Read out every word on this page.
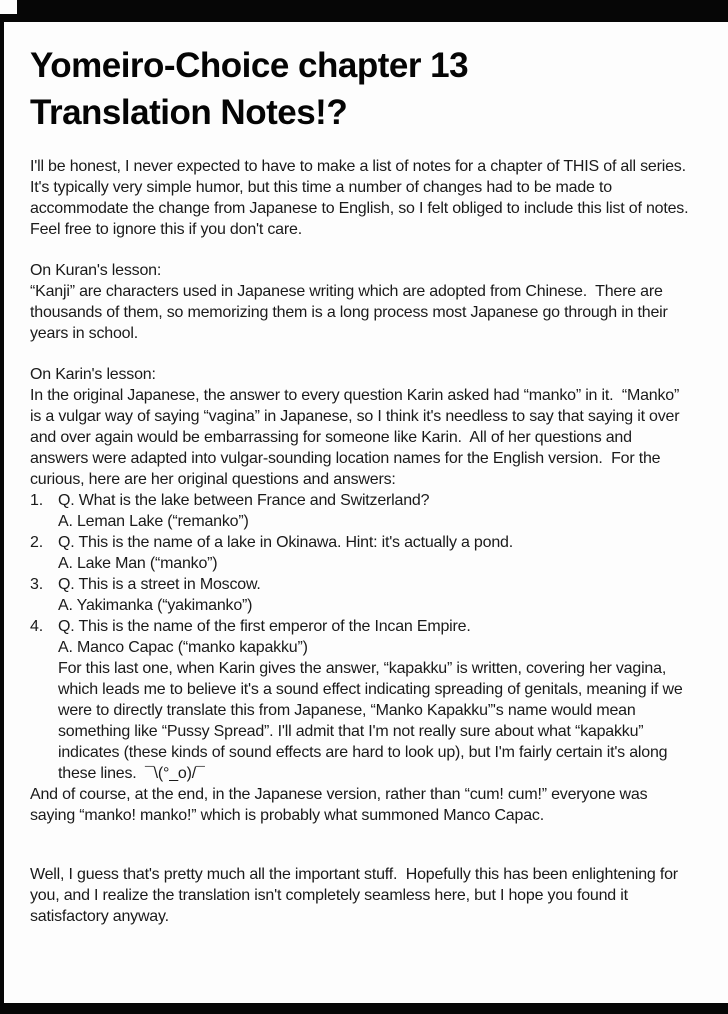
Yomeiro-Choice chapter 13
Translation Notes!?

I'll be honest, I never expected to have to make a list of notes for a chapter of THIS of all series.  It's typically very simple humor, but this time a number of changes had to be made to accommodate the change from Japanese to English, so I felt obliged to include this list of notes.  Feel free to ignore this if you don't care.

On Kuran's lesson:

“Kanji” are characters used in Japanese writing which are adopted from Chinese.  There are thousands of them, so memorizing them is a long process most Japanese go through in their years in school.

On Karin's lesson:

In the original Japanese, the answer to every question Karin asked had “manko” in it.  “Manko” is a vulgar way of saying “vagina” in Japanese, so I think it's needless to say that saying it over and over again would be embarrassing for someone like Karin.  All of her questions and answers were adapted into vulgar-sounding location names for the English version.  For the curious, here are her original questions and answers:

1. Q. What is the lake between France and Switzerland?
A. Leman Lake (“remanko”)
2. Q. This is the name of a lake in Okinawa. Hint: it's actually a pond.
A. Lake Man (“manko”)
3. Q. This is a street in Moscow.
A. Yakimanka (“yakimanko”)
4. Q. This is the name of the first emperor of the Incan Empire.
A. Manco Capac (“manko kapakku”)
For this last one, when Karin gives the answer, “kapakku” is written, covering her vagina, which leads me to believe it's a sound effect indicating spreading of genitals, meaning if we were to directly translate this from Japanese, “Manko Kapakku”'s name would mean something like “Pussy Spread”. I'll admit that I'm not really sure about what “kapakku” indicates (these kinds of sound effects are hard to look up), but I'm fairly certain it's along these lines.  ¯\(°_o)/¯

And of course, at the end, in the Japanese version, rather than “cum! cum!” everyone was saying “manko! manko!” which is probably what summoned Manco Capac.

Well, I guess that's pretty much all the important stuff.  Hopefully this has been enlightening for you, and I realize the translation isn't completely seamless here, but I hope you found it satisfactory anyway.
